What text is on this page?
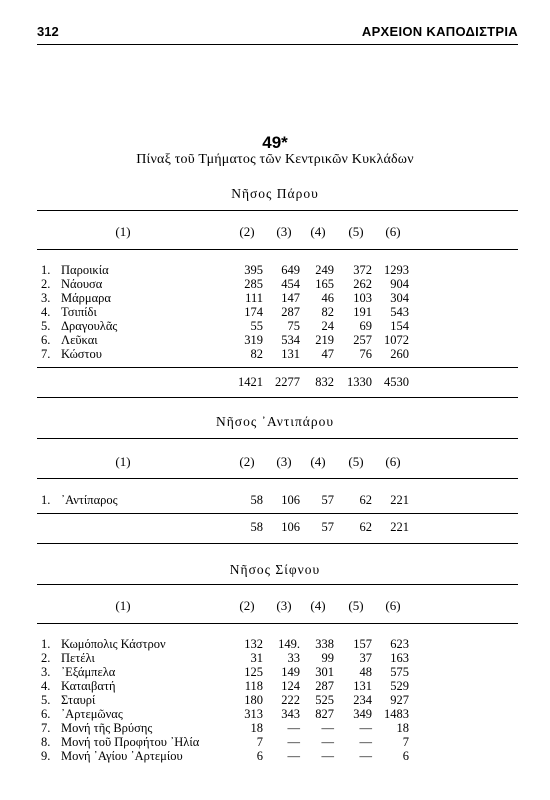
312	ΑΡΧΕΙΟΝ ΚΑΠΟΔΙΣΤΡΙΑ
49*
Πίναξ τοῦ Τμήματος τῶν Κεντρικῶν Κυκλάδων
Νῆσος Πάρου
(1)	(2)	(3)	(4)	(5)	(6)
1. Παροικία	395	649	249	372 1293
2. Νάουσα	285	454	165	262	904
3. Μάρμαρα	111	147	46	103	304
4. Τσιπίδι	174	287	82	191	543
5. Δραγουλᾶς	55	75	24	69	154
6. Λεῦκαι	319	534	219	257 1072
7. Κώστου	82	131	47	76	260
1421 2277	832	1330 4530
Νῆσος ᾽Αντιπάρου
(1)	(2)	(3)	(4)	(5)	(6)
1. ᾽Αντίπαρος	58	106	57	62	221
58	106	57	62	221
Νῆσος Σίφνου
(1)	(2)	(3)	(4)	(5)	(6)
1. Κωμόπολις Κάστρον	132	149.	338	157	623
2. Πετέλι	31	33	99	37	163
3. ᾽Εξάμπελα	125	149	301	48	575
4. Καταιβατή	118	124	287	131	529
5. Σταυρί	180	222	525	234	927
6. ᾽Αρτεμῶνας	313	343	827	349 1483
7. Μονή τῆς Βρύσης	18	—	—	—	18
8. Μονή τοῦ Προφήτου ᾽Ηλία	7	—	—	—	7
9. Μονή ᾽Αγίου ᾽Αρτεμίου	6	—	—	—	6
